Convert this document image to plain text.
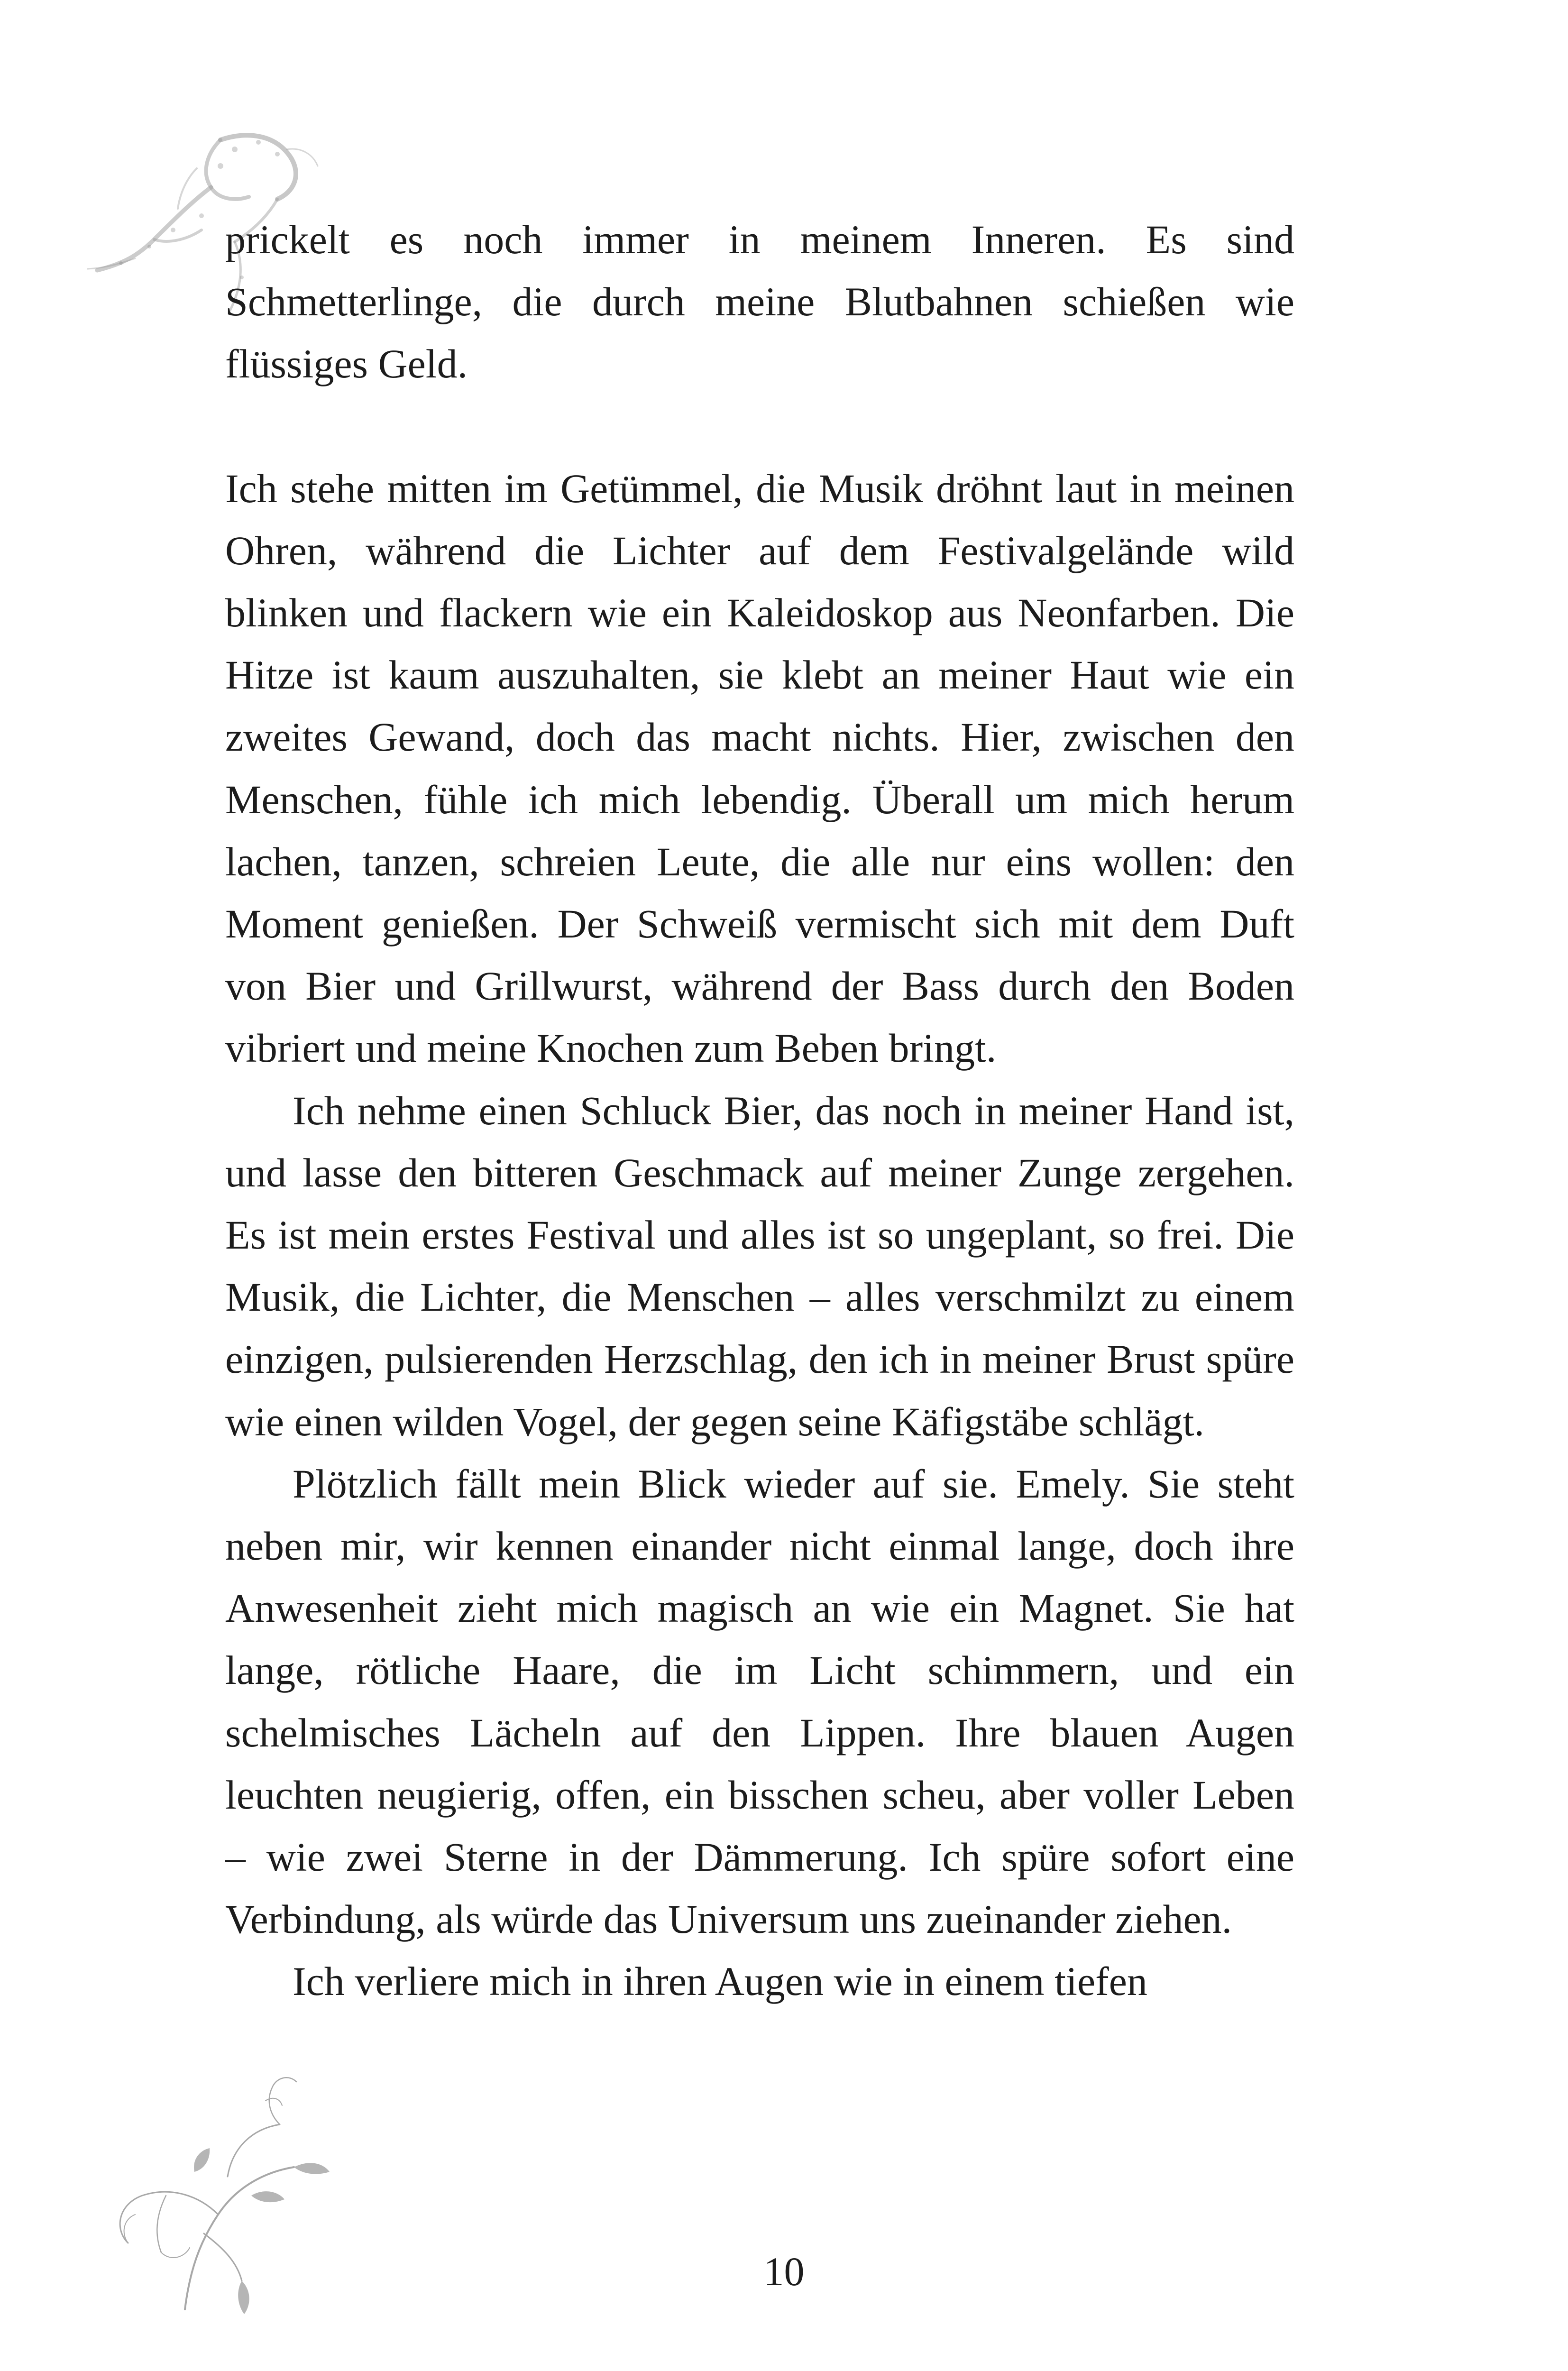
prickelt es noch immer in meinem Inneren. Es sind Schmetterlinge, die durch meine Blutbahnen schießen wie flüssiges Geld.

Ich stehe mitten im Getümmel, die Musik dröhnt laut in meinen Ohren, während die Lichter auf dem Festivalgelände wild blinken und flackern wie ein Kaleidoskop aus Neonfarben. Die Hitze ist kaum auszuhalten, sie klebt an meiner Haut wie ein zweites Gewand, doch das macht nichts. Hier, zwischen den Menschen, fühle ich mich lebendig. Überall um mich herum lachen, tanzen, schreien Leute, die alle nur eins wollen: den Moment genießen. Der Schweiß vermischt sich mit dem Duft von Bier und Grillwurst, während der Bass durch den Boden vibriert und meine Knochen zum Beben bringt.

Ich nehme einen Schluck Bier, das noch in meiner Hand ist, und lasse den bitteren Geschmack auf meiner Zunge zergehen. Es ist mein erstes Festival und alles ist so ungeplant, so frei. Die Musik, die Lichter, die Menschen – alles verschmilzt zu einem einzigen, pulsierenden Herzschlag, den ich in meiner Brust spüre wie einen wilden Vogel, der gegen seine Käfigstäbe schlägt.

Plötzlich fällt mein Blick wieder auf sie. Emely. Sie steht neben mir, wir kennen einander nicht einmal lange, doch ihre Anwesenheit zieht mich magisch an wie ein Magnet. Sie hat lange, rötliche Haare, die im Licht schimmern, und ein schelmisches Lächeln auf den Lippen. Ihre blauen Augen leuchten neugierig, offen, ein bisschen scheu, aber voller Leben – wie zwei Sterne in der Dämmerung. Ich spüre sofort eine Verbindung, als würde das Universum uns zueinander ziehen.

Ich verliere mich in ihren Augen wie in einem tiefen

10
